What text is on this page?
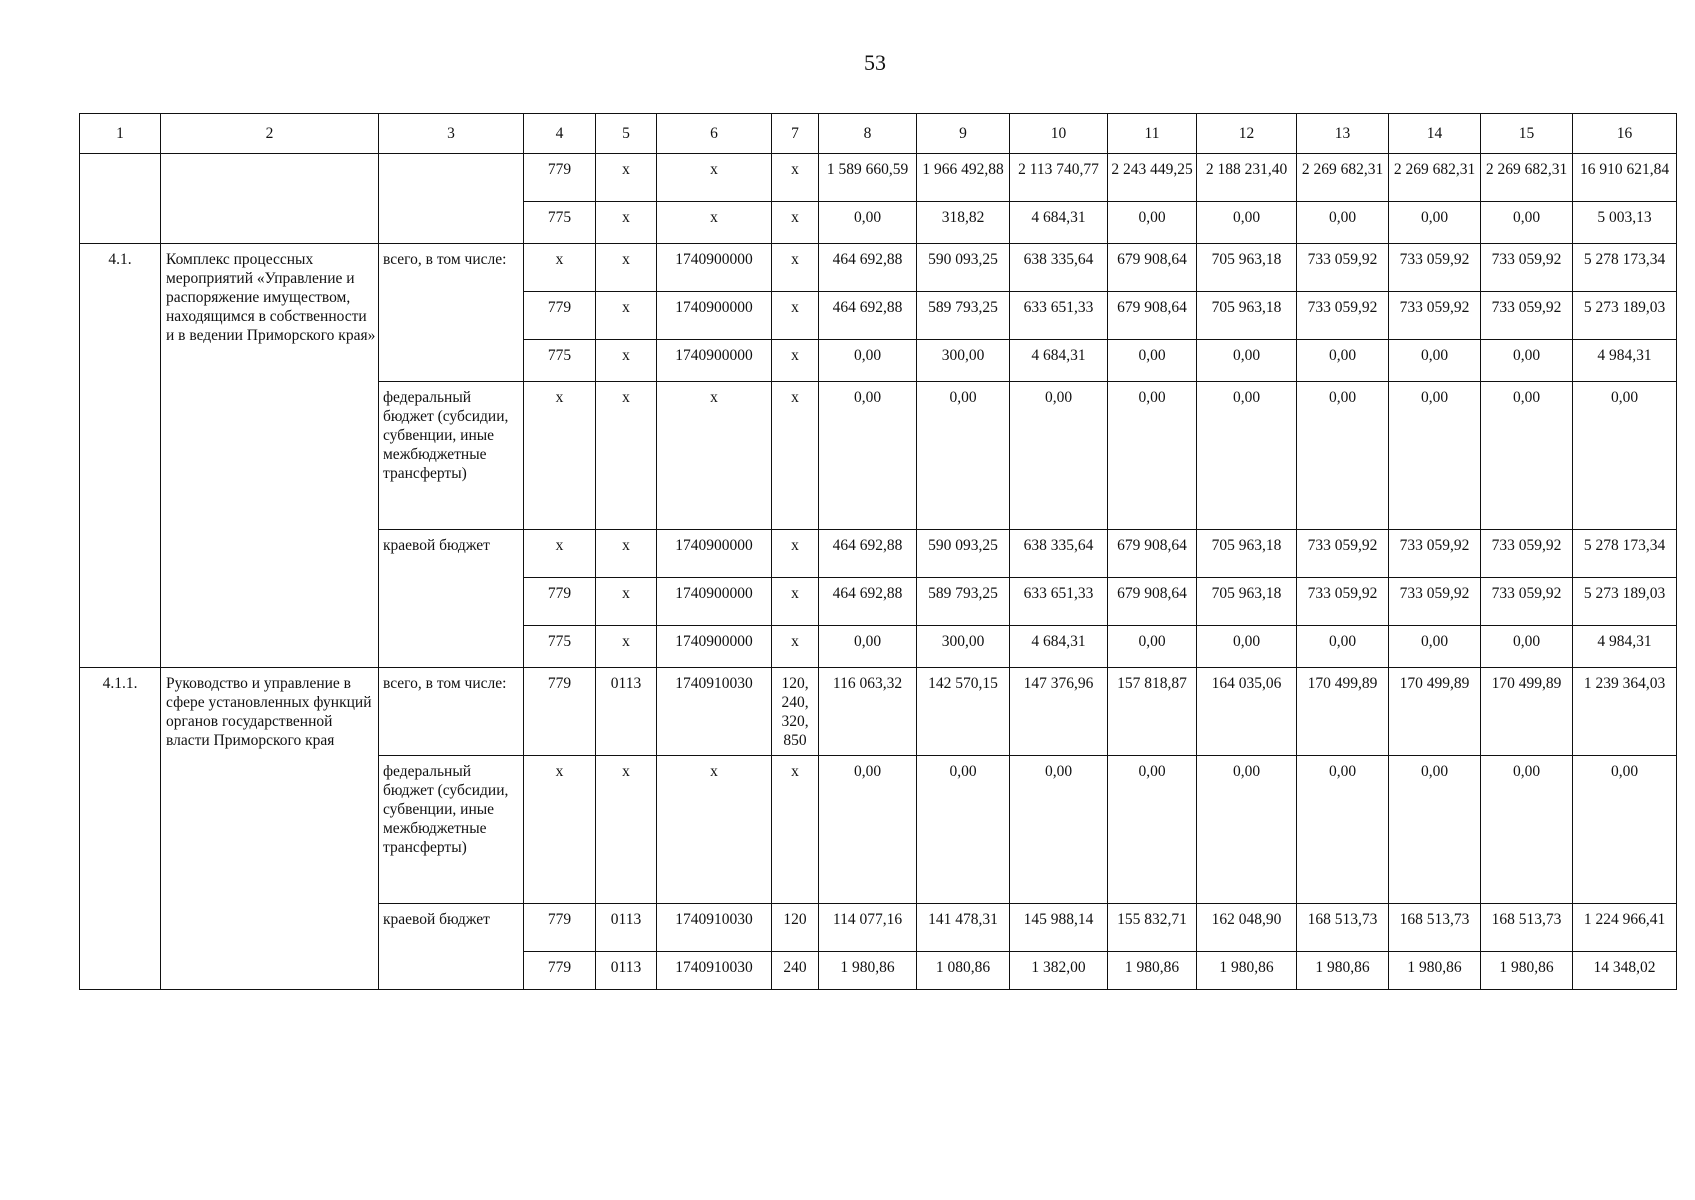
53
1	2	3	4	5	6	7	8	9	10	11	12	13	14	15	16
			779	х	х	х	1 589 660,59	1 966 492,88	2 113 740,77	2 243 449,25	2 188 231,40	2 269 682,31	2 269 682,31	2 269 682,31	16 910 621,84
			775	х	х	х	0,00	318,82	4 684,31	0,00	0,00	0,00	0,00	0,00	5 003,13
4.1.	Комплекс процессных мероприятий «Управление и распоряжение имуществом, находящимся в собственности и в ведении Приморского края»	всего, в том числе:	х	х	1740900000	х	464 692,88	590 093,25	638 335,64	679 908,64	705 963,18	733 059,92	733 059,92	733 059,92	5 278 173,34
			779	х	1740900000	х	464 692,88	589 793,25	633 651,33	679 908,64	705 963,18	733 059,92	733 059,92	733 059,92	5 273 189,03
			775	х	1740900000	х	0,00	300,00	4 684,31	0,00	0,00	0,00	0,00	0,00	4 984,31
		федеральный бюджет (субсидии, субвенции, иные межбюджетные трансферты)	х	х	х	х	0,00	0,00	0,00	0,00	0,00	0,00	0,00	0,00	0,00
		краевой бюджет	х	х	1740900000	х	464 692,88	590 093,25	638 335,64	679 908,64	705 963,18	733 059,92	733 059,92	733 059,92	5 278 173,34
			779	х	1740900000	х	464 692,88	589 793,25	633 651,33	679 908,64	705 963,18	733 059,92	733 059,92	733 059,92	5 273 189,03
			775	х	1740900000	х	0,00	300,00	4 684,31	0,00	0,00	0,00	0,00	0,00	4 984,31
4.1.1.	Руководство и управление в сфере установленных функций органов государственной власти Приморского края	всего, в том числе:	779	0113	1740910030	120, 240, 320, 850	116 063,32	142 570,15	147 376,96	157 818,87	164 035,06	170 499,89	170 499,89	170 499,89	1 239 364,03
		федеральный бюджет (субсидии, субвенции, иные межбюджетные трансферты)	х	х	х	х	0,00	0,00	0,00	0,00	0,00	0,00	0,00	0,00	0,00
		краевой бюджет	779	0113	1740910030	120	114 077,16	141 478,31	145 988,14	155 832,71	162 048,90	168 513,73	168 513,73	168 513,73	1 224 966,41
			779	0113	1740910030	240	1 980,86	1 080,86	1 382,00	1 980,86	1 980,86	1 980,86	1 980,86	1 980,86	14 348,02
